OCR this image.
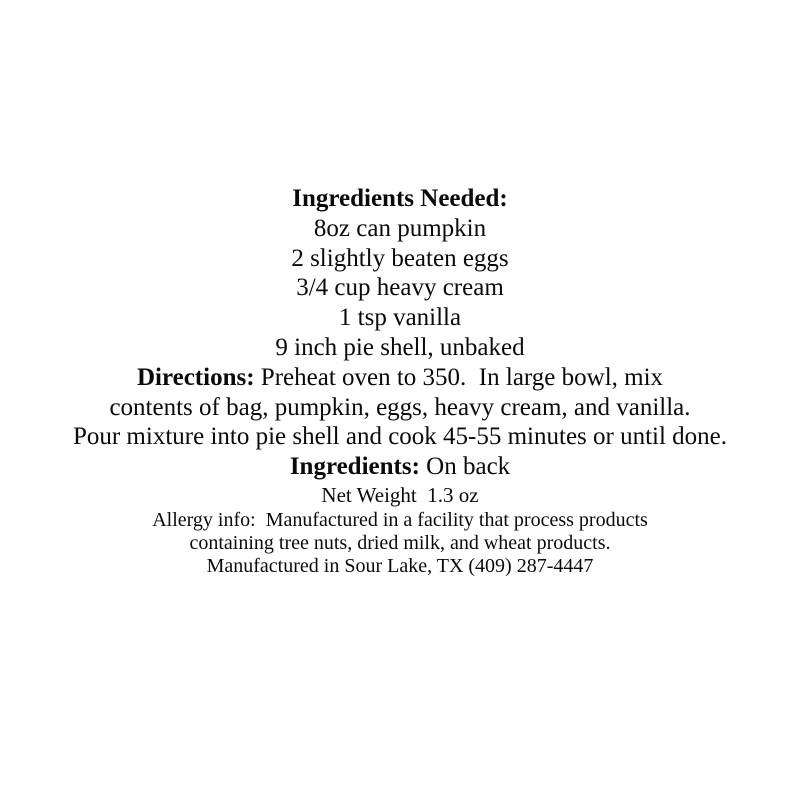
Ingredients Needed:
8oz can pumpkin
2 slightly beaten eggs
3/4 cup heavy cream
1 tsp vanilla
9 inch pie shell, unbaked
Directions: Preheat oven to 350.  In large bowl, mix
contents of bag, pumpkin, eggs, heavy cream, and vanilla.
Pour mixture into pie shell and cook 45-55 minutes or until done.
Ingredients: On back
Net Weight  1.3 oz
Allergy info:  Manufactured in a facility that process products
containing tree nuts, dried milk, and wheat products.
Manufactured in Sour Lake, TX (409) 287-4447
